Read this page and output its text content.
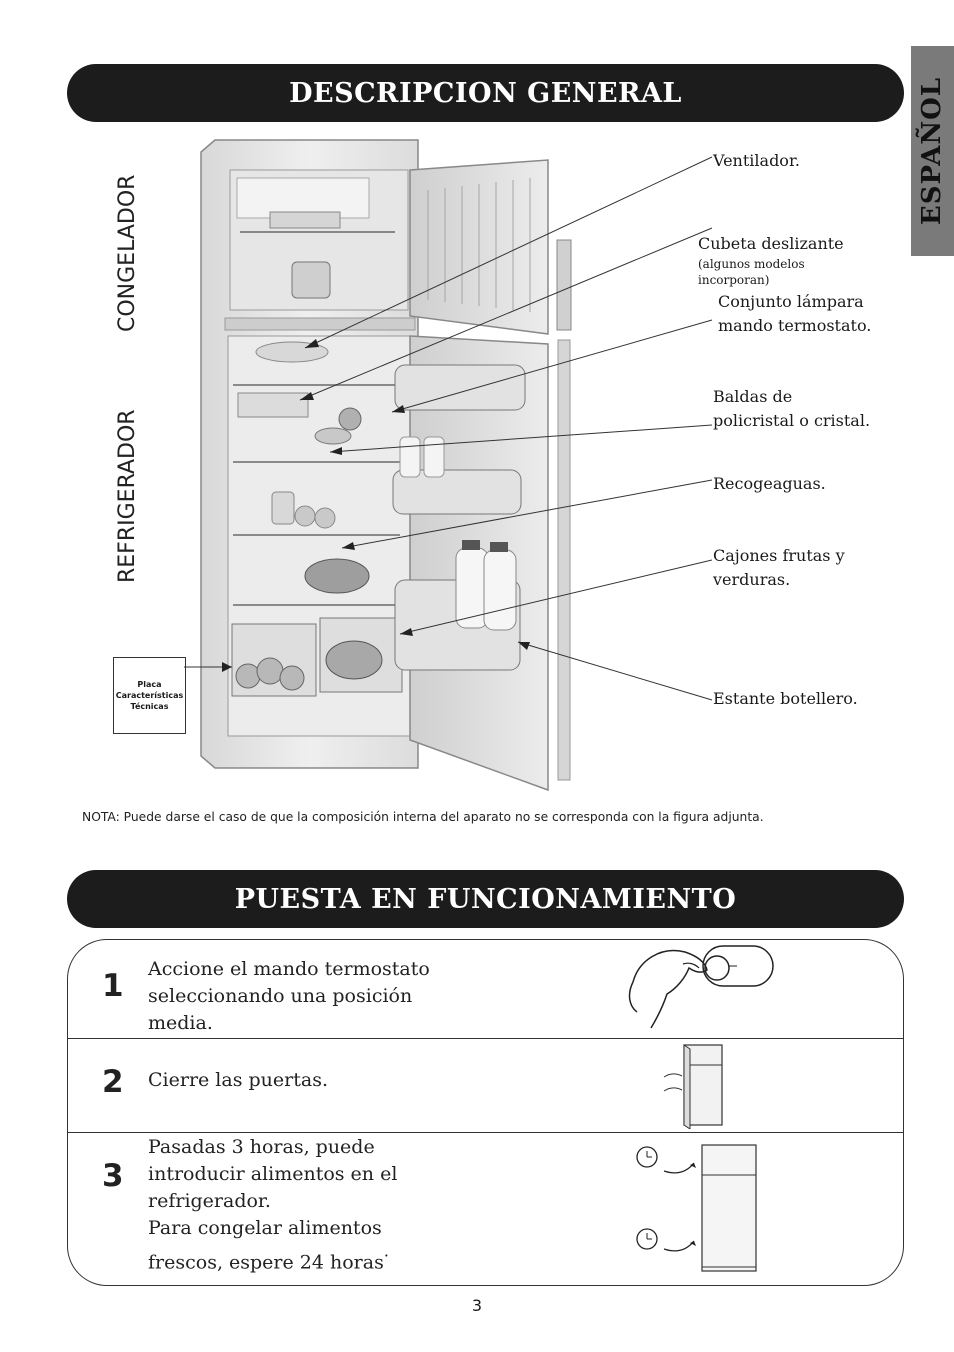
DESCRIPCION GENERAL	ESPAÑOL
CONGELADOR
REFRIGERADOR
Ventilador.

Cubeta deslizante

(algunos modelos
incorporan)

Conjunto lámpara
mando termostato.
Baldas de
policristal o cristal.
Recogeaguas.
Cajones frutas y
verduras.
Estante botellero.
Placa
Características
Técnicas
NOTA: Puede darse el caso de que la composición interna del aparato no se corresponda con la figura adjunta.
PUESTA EN FUNCIONAMIENTO
1 Accione el mando termostato
seleccionando una posición
media.
2 Cierre las puertas.
3
Pasadas 3 horas, puede
introducir alimentos en el
refrigerador.
Para congelar alimentos
frescos, espere 24 horas·
3
